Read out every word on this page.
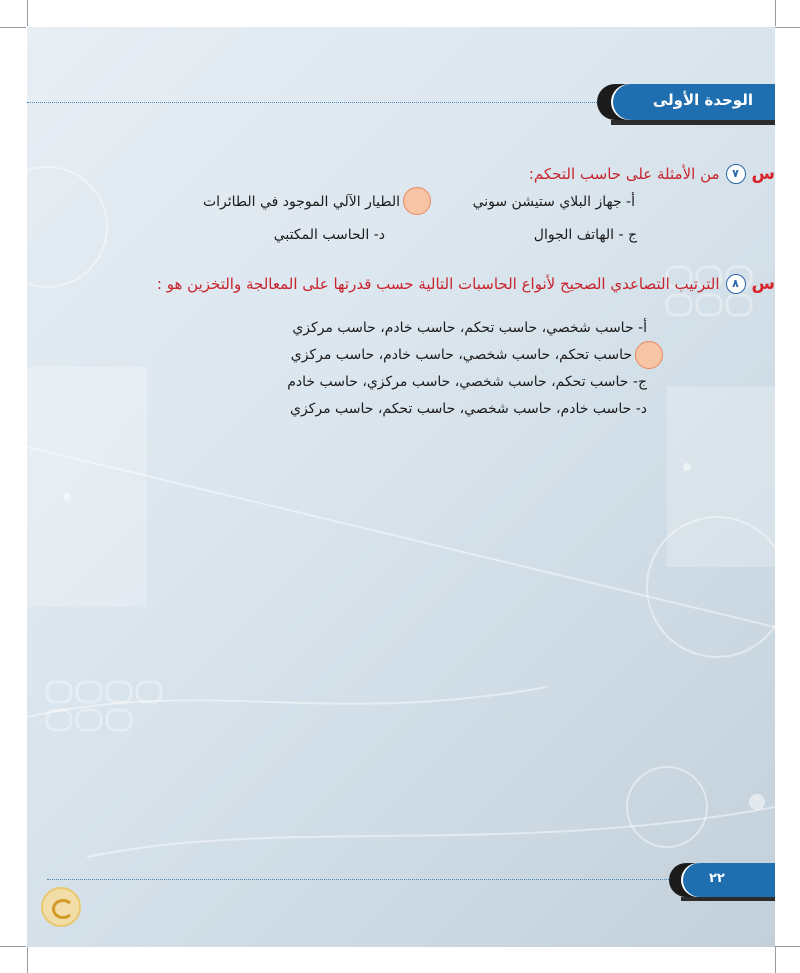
الوحدة الأولى
س
٧
من الأمثلة على حاسب التحكم:
أ- جهاز البلاي ستيشن سوني
الطيار الآلي الموجود في الطائرات
ج - الهاتف الجوال
د- الحاسب المكتبي
س
٨
الترتيب التصاعدي الصحيح لأنواع الحاسبات التالية حسب قدرتها على المعالجة والتخزين هو :
أ- حاسب شخصي، حاسب تحكم، حاسب خادم، حاسب مركزي
حاسب تحكم، حاسب شخصي، حاسب خادم، حاسب مركزي
ج- حاسب تحكم، حاسب شخصي، حاسب مركزي، حاسب خادم
د- حاسب خادم، حاسب شخصي، حاسب تحكم، حاسب مركزي
٢٢
